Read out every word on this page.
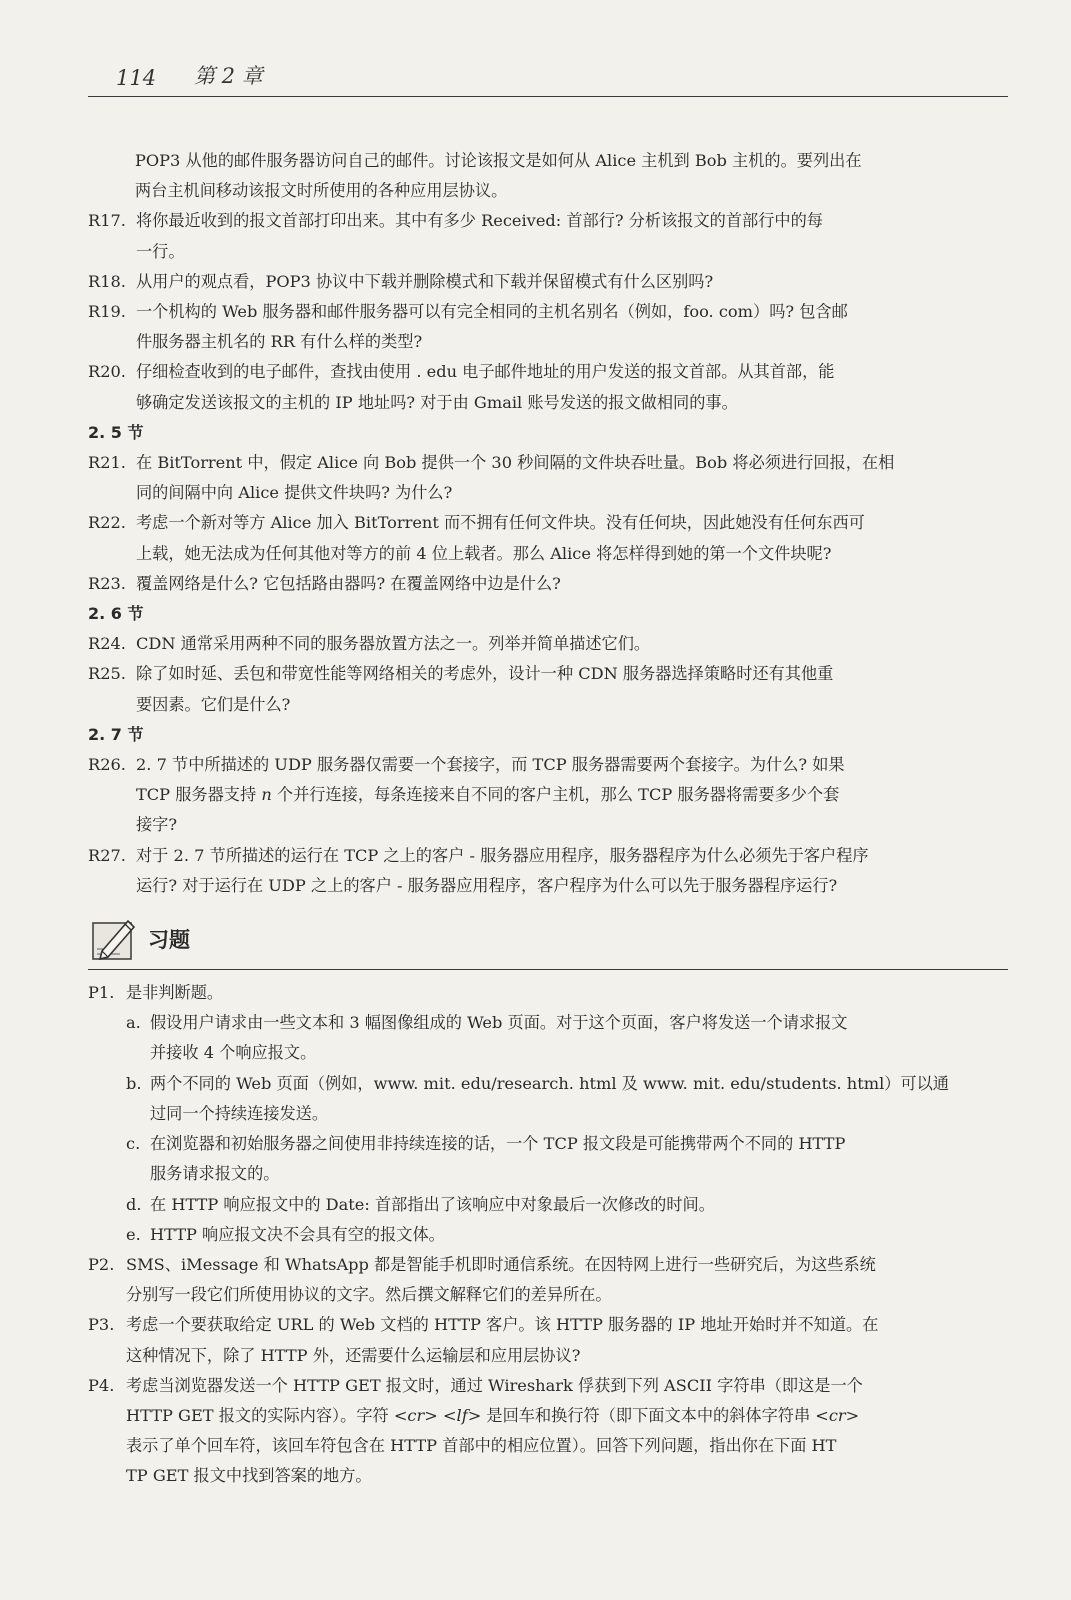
114 第 2 章
POP3 从他的邮件服务器访问自己的邮件。讨论该报文是如何从 Alice 主机到 Bob 主机的。要列出在
两台主机间移动该报文时所使用的各种应用层协议。
R17. 将你最近收到的报文首部打印出来。其中有多少 Received: 首部行? 分析该报文的首部行中的每
一行。
R18. 从用户的观点看，POP3 协议中下载并删除模式和下载并保留模式有什么区别吗?
R19. 一个机构的 Web 服务器和邮件服务器可以有完全相同的主机名别名（例如，foo. com）吗? 包含邮
件服务器主机名的 RR 有什么样的类型?
R20. 仔细检查收到的电子邮件，查找由使用 . edu 电子邮件地址的用户发送的报文首部。从其首部，能
够确定发送该报文的主机的 IP 地址吗? 对于由 Gmail 账号发送的报文做相同的事。
2. 5 节
R21. 在 BitTorrent 中，假定 Alice 向 Bob 提供一个 30 秒间隔的文件块吞吐量。Bob 将必须进行回报，在相
同的间隔中向 Alice 提供文件块吗? 为什么?
R22. 考虑一个新对等方 Alice 加入 BitTorrent 而不拥有任何文件块。没有任何块，因此她没有任何东西可
上载，她无法成为任何其他对等方的前 4 位上载者。那么 Alice 将怎样得到她的第一个文件块呢?
R23. 覆盖网络是什么? 它包括路由器吗? 在覆盖网络中边是什么?
2. 6 节
R24. CDN 通常采用两种不同的服务器放置方法之一。列举并简单描述它们。
R25. 除了如时延、丢包和带宽性能等网络相关的考虑外，设计一种 CDN 服务器选择策略时还有其他重
要因素。它们是什么?
2. 7 节
R26. 2. 7 节中所描述的 UDP 服务器仅需要一个套接字，而 TCP 服务器需要两个套接字。为什么? 如果
TCP 服务器支持 n 个并行连接，每条连接来自不同的客户主机，那么 TCP 服务器将需要多少个套
接字?
R27. 对于 2. 7 节所描述的运行在 TCP 之上的客户 - 服务器应用程序，服务器程序为什么必须先于客户程序
运行? 对于运行在 UDP 之上的客户 - 服务器应用程序，客户程序为什么可以先于服务器程序运行?
习题
P1. 是非判断题。
a. 假设用户请求由一些文本和 3 幅图像组成的 Web 页面。对于这个页面，客户将发送一个请求报文
并接收 4 个响应报文。
b. 两个不同的 Web 页面（例如，www. mit. edu/research. html 及 www. mit. edu/students. html）可以通
过同一个持续连接发送。
c. 在浏览器和初始服务器之间使用非持续连接的话，一个 TCP 报文段是可能携带两个不同的 HTTP
服务请求报文的。
d. 在 HTTP 响应报文中的 Date: 首部指出了该响应中对象最后一次修改的时间。
e. HTTP 响应报文决不会具有空的报文体。
P2. SMS、iMessage 和 WhatsApp 都是智能手机即时通信系统。在因特网上进行一些研究后，为这些系统
分别写一段它们所使用协议的文字。然后撰文解释它们的差异所在。
P3. 考虑一个要获取给定 URL 的 Web 文档的 HTTP 客户。该 HTTP 服务器的 IP 地址开始时并不知道。在
这种情况下，除了 HTTP 外，还需要什么运输层和应用层协议?
P4. 考虑当浏览器发送一个 HTTP GET 报文时，通过 Wireshark 俘获到下列 ASCII 字符串（即这是一个
HTTP GET 报文的实际内容）。字符 <cr> <lf> 是回车和换行符（即下面文本中的斜体字符串 <cr>
表示了单个回车符，该回车符包含在 HTTP 首部中的相应位置）。回答下列问题，指出你在下面 HT
TP GET 报文中找到答案的地方。
